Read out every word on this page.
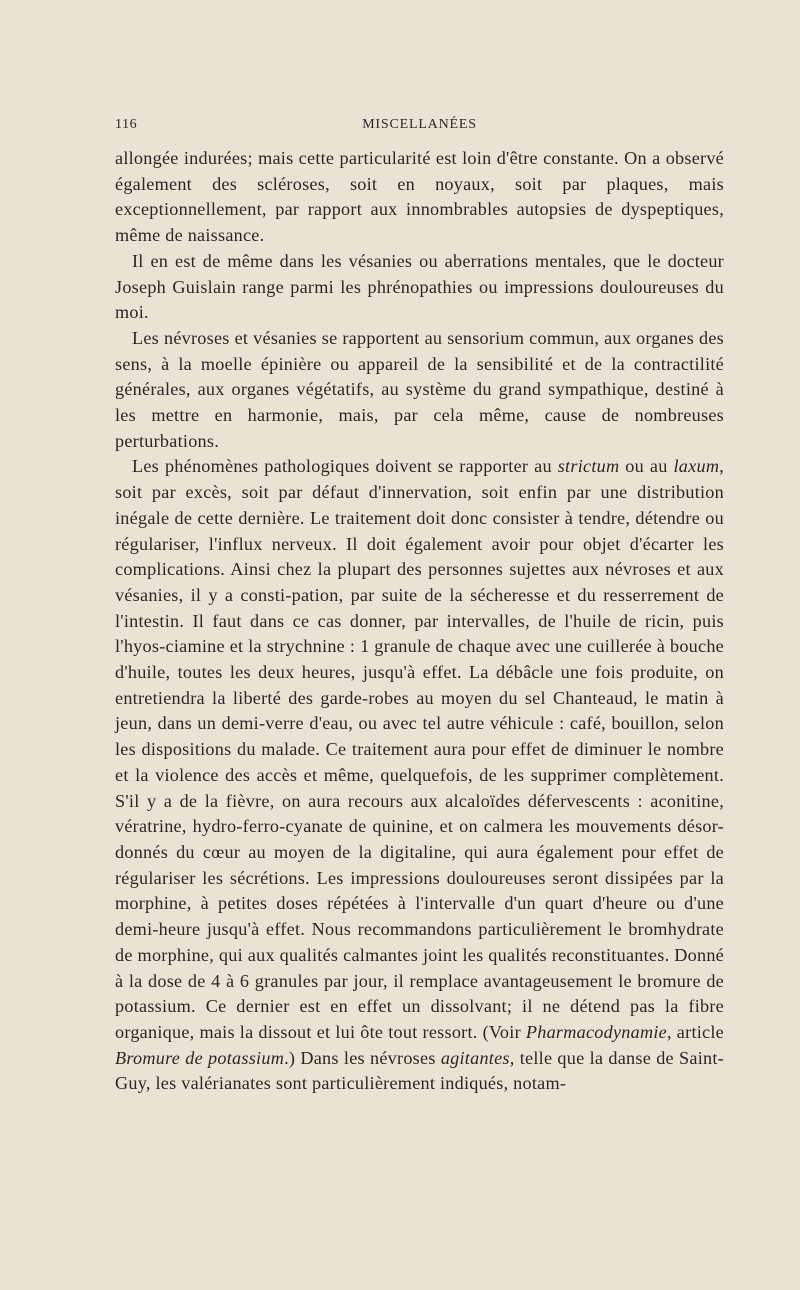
116	MISCELLANÉES

allongée indurées; mais cette particularité est loin d'être constante. On a observé également des scléroses, soit en noyaux, soit par plaques, mais exceptionnellement, par rapport aux innombrables autopsies de dyspeptiques, même de naissance.

Il en est de même dans les vésanies ou aberrations mentales, que le docteur Joseph Guislain range parmi les phrénopathies ou impressions douloureuses du moi.

Les névroses et vésanies se rapportent au sensorium commun, aux organes des sens, à la moelle épinière ou appareil de la sensibilité et de la contractilité générales, aux organes végétatifs, au système du grand sympathique, destiné à les mettre en harmonie, mais, par cela même, cause de nombreuses perturbations.

Les phénomènes pathologiques doivent se rapporter au strictum ou au laxum, soit par excès, soit par défaut d'innervation, soit enfin par une distribution inégale de cette dernière. Le traitement doit donc consister à tendre, détendre ou régulariser, l'influx nerveux. Il doit également avoir pour objet d'écarter les complications. Ainsi chez la plupart des personnes sujettes aux névroses et aux vésanies, il y a consti-pation, par suite de la sécheresse et du resserrement de l'intestin. Il faut dans ce cas donner, par intervalles, de l'huile de ricin, puis l'hyos-ciamine et la strychnine : 1 granule de chaque avec une cuillerée à bouche d'huile, toutes les deux heures, jusqu'à effet. La débâcle une fois produite, on entretiendra la liberté des garde-robes au moyen du sel Chanteaud, le matin à jeun, dans un demi-verre d'eau, ou avec tel autre véhicule : café, bouillon, selon les dispositions du malade. Ce traitement aura pour effet de diminuer le nombre et la violence des accès et même, quelquefois, de les supprimer complètement. S'il y a de la fièvre, on aura recours aux alcaloïdes défervescents : aconitine, vératrine, hydro-ferro-cyanate de quinine, et on calmera les mouvements désor-donnés du cœur au moyen de la digitaline, qui aura également pour effet de régulariser les sécrétions. Les impressions douloureuses seront dissipées par la morphine, à petites doses répétées à l'intervalle d'un quart d'heure ou d'une demi-heure jusqu'à effet. Nous recommandons particulièrement le bromhydrate de morphine, qui aux qualités calmantes joint les qualités reconstituantes. Donné à la dose de 4 à 6 granules par jour, il remplace avantageusement le bromure de potassium. Ce dernier est en effet un dissolvant; il ne détend pas la fibre organique, mais la dissout et lui ôte tout ressort. (Voir Pharmacodynamie, article Bromure de potassium.) Dans les névroses agitantes, telle que la danse de Saint-Guy, les valérianates sont particulièrement indiqués, notam-
